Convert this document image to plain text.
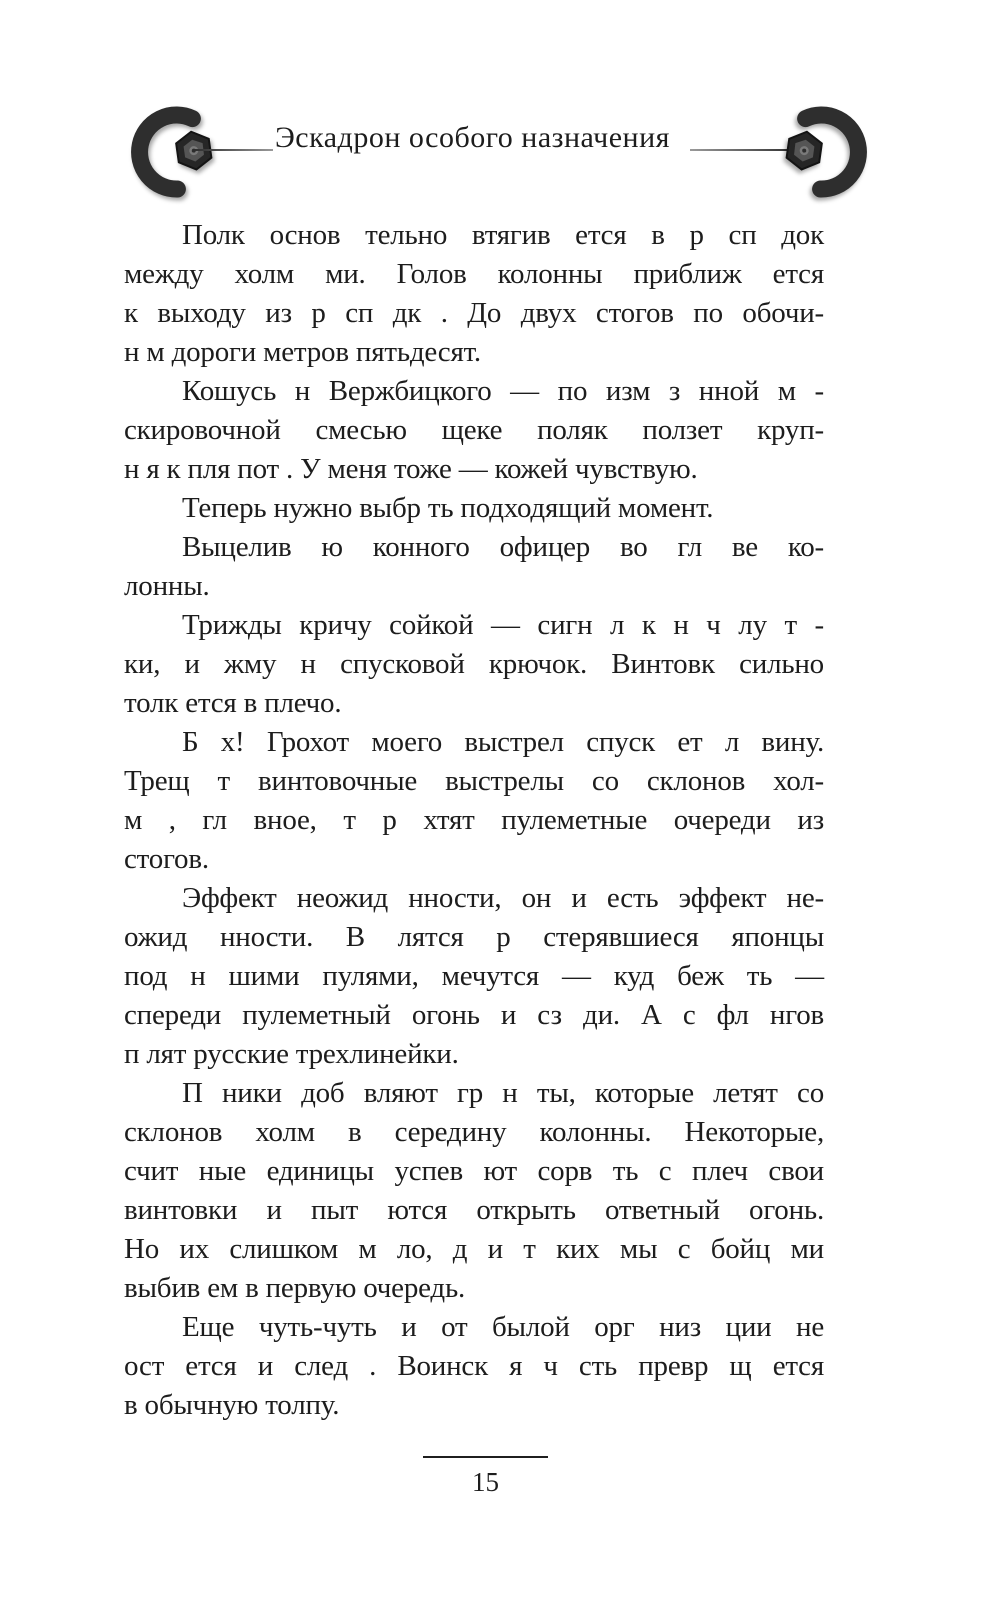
Эскадрон особого назначения
Полк основ тельно втягив ется в р сп док
между холм ми. Голов колонны приближ ется
к выходу из р сп дк . До двух стогов по обочи-
н м дороги метров пятьдесят.
Кошусь н Вержбицкого — по изм з нной м -
скировочной смесью щеке поляк ползет круп-
н я к пля пот . У меня тоже — кожей чувствую.
Теперь нужно выбр ть подходящий момент.
Выцелив ю конного офицер во гл ве ко-
лонны.
Трижды кричу сойкой — сигн л к н ч лу т -
ки, и жму н спусковой крючок. Винтовк сильно
толк ется в плечо.
Б х! Грохот моего выстрел спуск ет л вину.
Трещ т винтовочные выстрелы со склонов хол-
м , гл вное, т р хтят пулеметные очереди из
стогов.
Эффект неожид нности, он и есть эффект не-
ожид нности. В лятся р стерявшиеся японцы
под н шими пулями, мечутся — куд беж ть —
спереди пулеметный огонь и сз ди. А с фл нгов
п лят русские трехлинейки.
П ники доб вляют гр н ты, которые летят со
склонов холм в середину колонны. Некоторые,
счит ные единицы успев ют сорв ть с плеч свои
винтовки и пыт ются открыть ответный огонь.
Но их слишком м ло, д и т ких мы с бойц ми
выбив ем в первую очередь.
Еще чуть-чуть и от былой орг низ ции не
ост ется и след . Воинск я ч сть превр щ ется
в обычную толпу.
15
